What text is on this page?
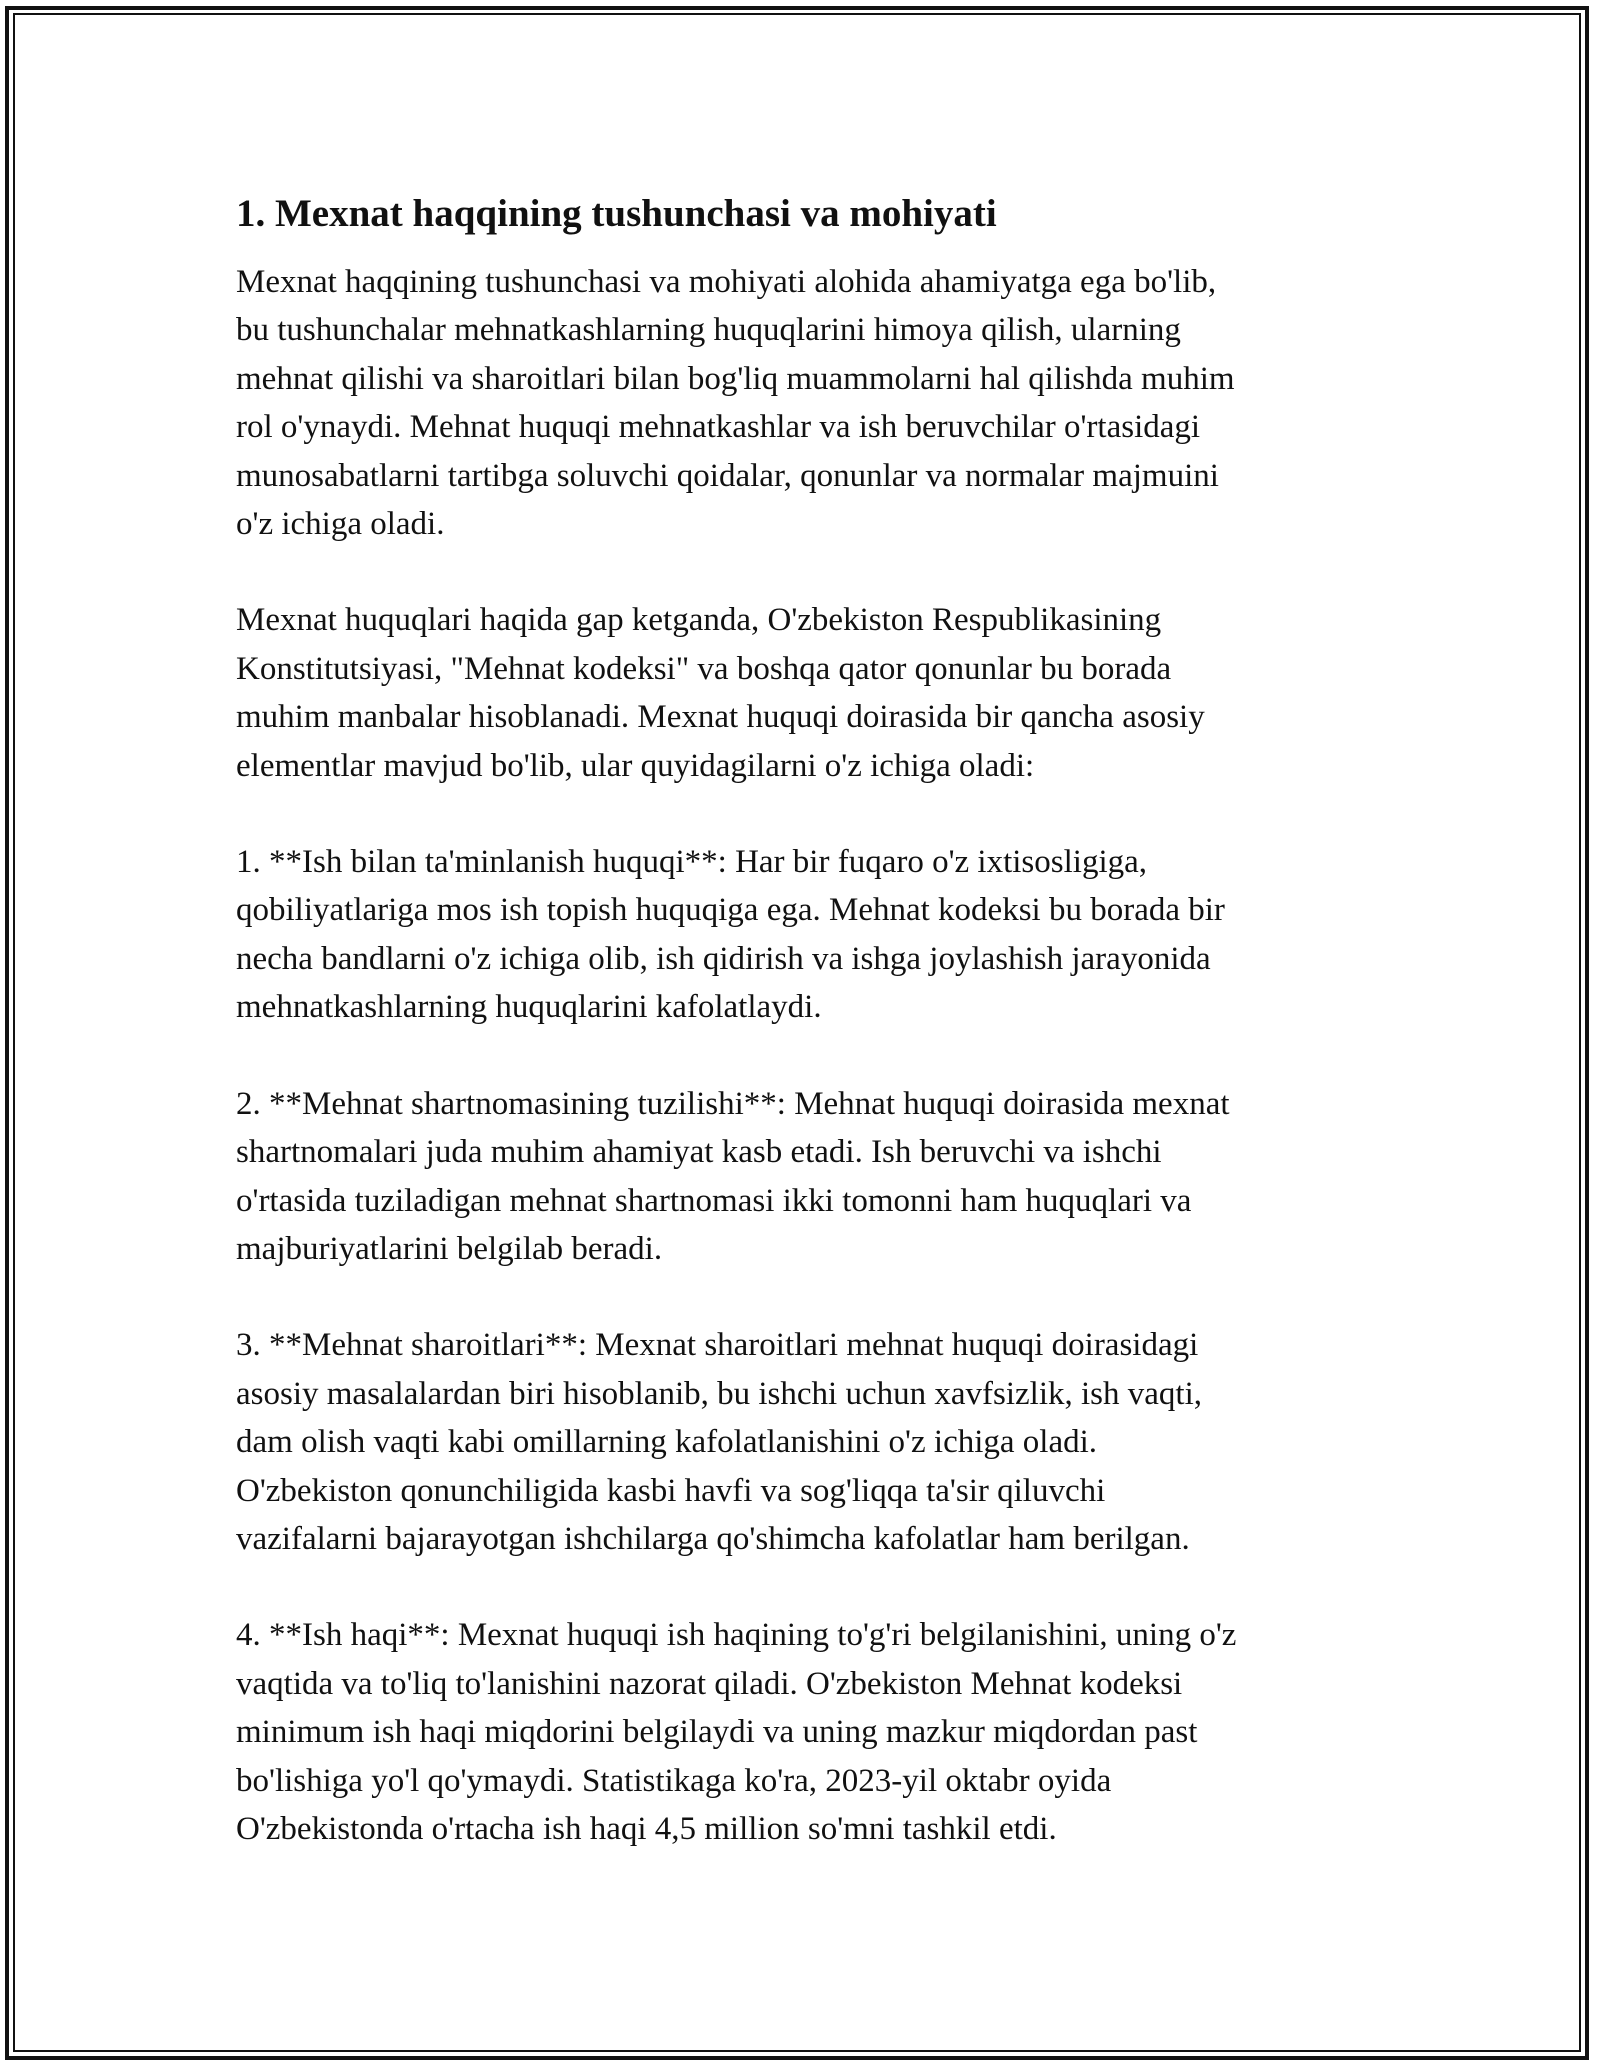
1. Mexnat haqqining tushunchasi va mohiyati

Mexnat haqqining tushunchasi va mohiyati alohida ahamiyatga ega bo'lib,
bu tushunchalar mehnatkashlarning huquqlarini himoya qilish, ularning
mehnat qilishi va sharoitlari bilan bog'liq muammolarni hal qilishda muhim
rol o'ynaydi. Mehnat huquqi mehnatkashlar va ish beruvchilar o'rtasidagi
munosabatlarni tartibga soluvchi qoidalar, qonunlar va normalar majmuini
o'z ichiga oladi.

Mexnat huquqlari haqida gap ketganda, O'zbekiston Respublikasining
Konstitutsiyasi, "Mehnat kodeksi" va boshqa qator qonunlar bu borada
muhim manbalar hisoblanadi. Mexnat huquqi doirasida bir qancha asosiy
elementlar mavjud bo'lib, ular quyidagilarni o'z ichiga oladi:

1. **Ish bilan ta'minlanish huquqi**: Har bir fuqaro o'z ixtisosligiga,
qobiliyatlariga mos ish topish huquqiga ega. Mehnat kodeksi bu borada bir
necha bandlarni o'z ichiga olib, ish qidirish va ishga joylashish jarayonida
mehnatkashlarning huquqlarini kafolatlaydi.

2. **Mehnat shartnomasining tuzilishi**: Mehnat huquqi doirasida mexnat
shartnomalari juda muhim ahamiyat kasb etadi. Ish beruvchi va ishchi
o'rtasida tuziladigan mehnat shartnomasi ikki tomonni ham huquqlari va
majburiyatlarini belgilab beradi.

3. **Mehnat sharoitlari**: Mexnat sharoitlari mehnat huquqi doirasidagi
asosiy masalalardan biri hisoblanib, bu ishchi uchun xavfsizlik, ish vaqti,
dam olish vaqti kabi omillarning kafolatlanishini o'z ichiga oladi.
O'zbekiston qonunchiligida kasbi havfi va sog'liqqa ta'sir qiluvchi
vazifalarni bajarayotgan ishchilarga qo'shimcha kafolatlar ham berilgan.

4. **Ish haqi**: Mexnat huquqi ish haqining to'g'ri belgilanishini, uning o'z
vaqtida va to'liq to'lanishini nazorat qiladi. O'zbekiston Mehnat kodeksi
minimum ish haqi miqdorini belgilaydi va uning mazkur miqdordan past
bo'lishiga yo'l qo'ymaydi. Statistikaga ko'ra, 2023-yil oktabr oyida
O'zbekistonda o'rtacha ish haqi 4,5 million so'mni tashkil etdi.
